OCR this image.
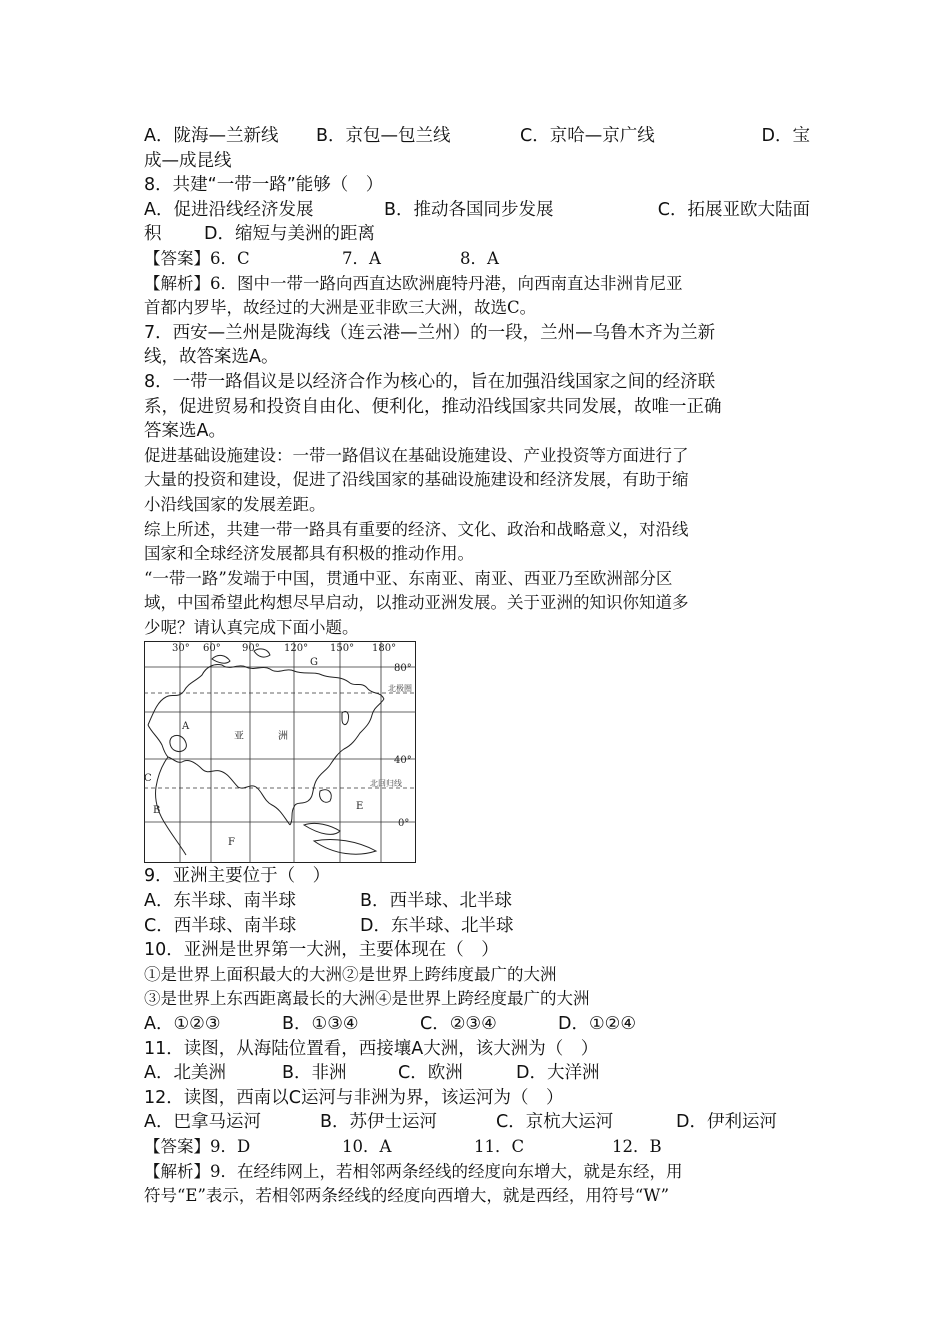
A．陇海—兰新线 B．京包—包兰线	C．京哈—京广线	D．宝
成—成昆线
8．共建“一带一路”能够（　）
A．促进沿线经济发展	B．推动各国同步发展	C．拓展亚欧大陆面
积 D．缩短与美洲的距离
【答案】6．C	7．A	8．A
【解析】6．图中一带一路向西直达欧洲鹿特丹港，向西南直达非洲肯尼亚
首都内罗毕，故经过的大洲是亚非欧三大洲，故选C。
7．西安—兰州是陇海线（连云港—兰州）的一段，兰州—乌鲁木齐为兰新
线，故答案选A。
8．一带一路倡议是以经济合作为核心的，旨在加强沿线国家之间的经济联
系，促进贸易和投资自由化、便利化，推动沿线国家共同发展，故唯一正确
答案选A。
促进基础设施建设：一带一路倡议在基础设施建设、产业投资等方面进行了
大量的投资和建设，促进了沿线国家的基础设施建设和经济发展，有助于缩
小沿线国家的发展差距。
综上所述，共建一带一路具有重要的经济、文化、政治和战略意义，对沿线
国家和全球经济发展都具有积极的推动作用。
“一带一路”发端于中国，贯通中亚、东南亚、南亚、西亚乃至欧洲部分区
域，中国希望此构想尽早启动，以推动亚洲发展。关于亚洲的知识你知道多
少呢？请认真完成下面小题。
30° 60° 90° 120° 150° 180°
80°
40°
0°
北极圈
北回归线
A
B
C
E
F
G
亚	洲
9．亚洲主要位于（　）
A．东半球、南半球	B．西半球、北半球
C．西半球、南半球	D．东半球、北半球
10．亚洲是世界第一大洲，主要体现在（　）
①是世界上面积最大的大洲②是世界上跨纬度最广的大洲
③是世界上东西距离最长的大洲④是世界上跨经度最广的大洲
A．①②③	B．①③④	C．②③④	D．①②④
11．读图，从海陆位置看，西接壤A大洲，该大洲为（　）
A．北美洲	B．非洲	C．欧洲	D．大洋洲
12．读图，西南以C运河与非洲为界，该运河为（　）
A．巴拿马运河	B．苏伊士运河	C．京杭大运河	D．伊利运河
【答案】9．D	10．A	11．C	12．B
【解析】9．在经纬网上，若相邻两条经线的经度向东增大，就是东经，用
符号“E”表示，若相邻两条经线的经度向西增大，就是西经，用符号“W”
